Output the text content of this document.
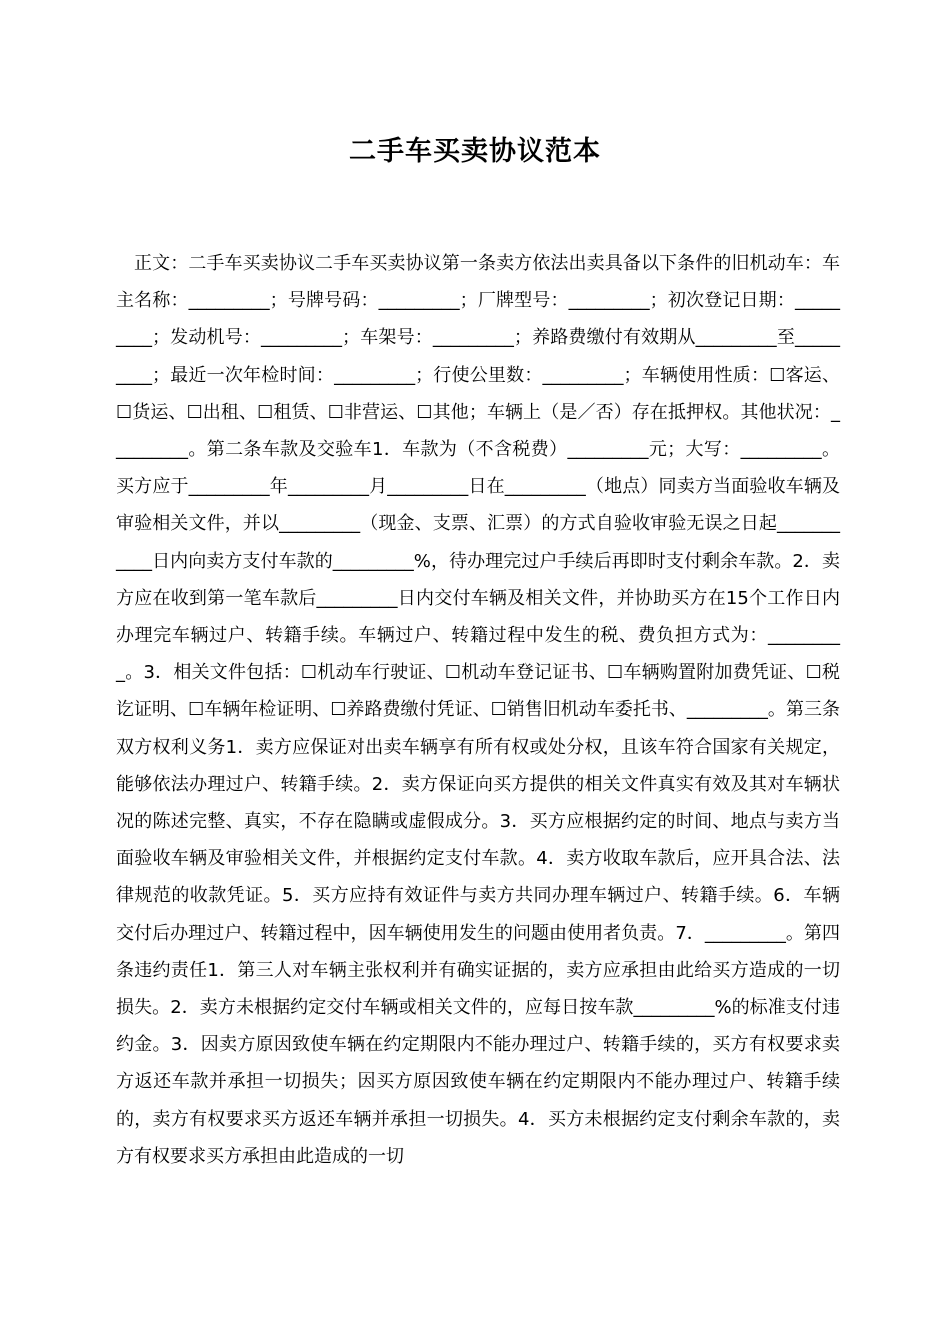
二手车买卖协议范本

正文：二手车买卖协议二手车买卖协议第一条卖方依法出卖具备以下条件的旧机动车：车主名称：_________；号牌号码：_________；厂牌型号：_________；初次登记日期：_________；发动机号：_________；车架号：_________；养路费缴付有效期从_________至_________；最近一次年检时间：_________；行使公里数：_________；车辆使用性质：☐客运、☐货运、☐出租、☐租赁、☐非营运、☐其他；车辆上（是／否）存在抵押权。其他状况：_________。第二条车款及交验车1．车款为（不含税费）_________元；大写：_________。买方应于_________年_________月_________日在_________（地点）同卖方当面验收车辆及审验相关文件，并以_________（现金、支票、汇票）的方式自验收审验无误之日起___________日内向卖方支付车款的_________%，待办理完过户手续后再即时支付剩余车款。2．卖方应在收到第一笔车款后_________日内交付车辆及相关文件，并协助买方在15个工作日内办理完车辆过户、转籍手续。车辆过户、转籍过程中发生的税、费负担方式为：_________。3．相关文件包括：☐机动车行驶证、☐机动车登记证书、☐车辆购置附加费凭证、☐税讫证明、☐车辆年检证明、☐养路费缴付凭证、☐销售旧机动车委托书、_________。第三条双方权利义务1．卖方应保证对出卖车辆享有所有权或处分权，且该车符合国家有关规定，能够依法办理过户、转籍手续。2．卖方保证向买方提供的相关文件真实有效及其对车辆状况的陈述完整、真实，不存在隐瞒或虚假成分。3．买方应根据约定的时间、地点与卖方当面验收车辆及审验相关文件，并根据约定支付车款。4．卖方收取车款后，应开具合法、法律规范的收款凭证。5．买方应持有效证件与卖方共同办理车辆过户、转籍手续。6．车辆交付后办理过户、转籍过程中，因车辆使用发生的问题由使用者负责。7．_________。第四条违约责任1．第三人对车辆主张权利并有确实证据的，卖方应承担由此给买方造成的一切损失。2．卖方未根据约定交付车辆或相关文件的，应每日按车款_________%的标准支付违约金。3．因卖方原因致使车辆在约定期限内不能办理过户、转籍手续的，买方有权要求卖方返还车款并承担一切损失；因买方原因致使车辆在约定期限内不能办理过户、转籍手续的，卖方有权要求买方返还车辆并承担一切损失。4．买方未根据约定支付剩余车款的，卖方有权要求买方承担由此造成的一切
